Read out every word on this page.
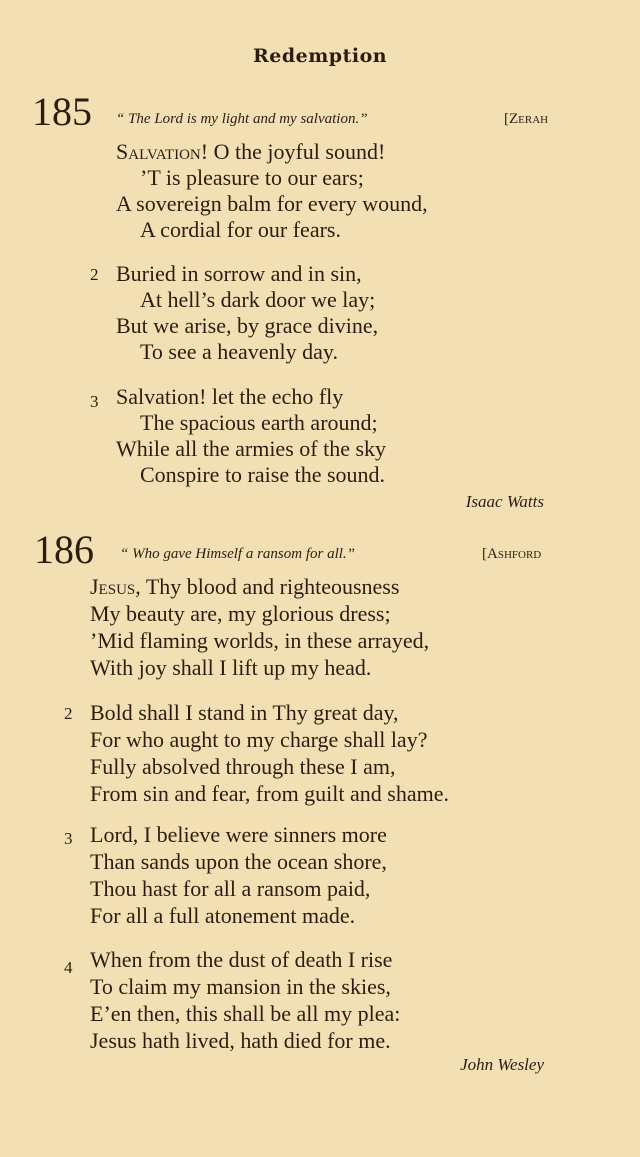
Redemption
185 “ The Lord is my light and my salvation.”	[Zerah
Salvation! O the joyful sound!
’T is pleasure to our ears;
A sovereign balm for every wound,
A cordial for our fears.
2 Buried in sorrow and in sin,
At hell’s dark door we lay;
But we arise, by grace divine,
To see a heavenly day.
3 Salvation! let the echo fly
The spacious earth around;
While all the armies of the sky
Conspire to raise the sound.
Isaac Watts
186 “ Who gave Himself a ransom for all.”	[Ashford
Jesus, Thy blood and righteousness
My beauty are, my glorious dress;
’Mid flaming worlds, in these arrayed,
With joy shall I lift up my head.
2 Bold shall I stand in Thy great day,
For who aught to my charge shall lay?
Fully absolved through these I am,
From sin and fear, from guilt and shame.
3 Lord, I believe were sinners more
Than sands upon the ocean shore,
Thou hast for all a ransom paid,
For all a full atonement made.
4 When from the dust of death I rise
To claim my mansion in the skies,
E’en then, this shall be all my plea:
Jesus hath lived, hath died for me.
John Wesley
